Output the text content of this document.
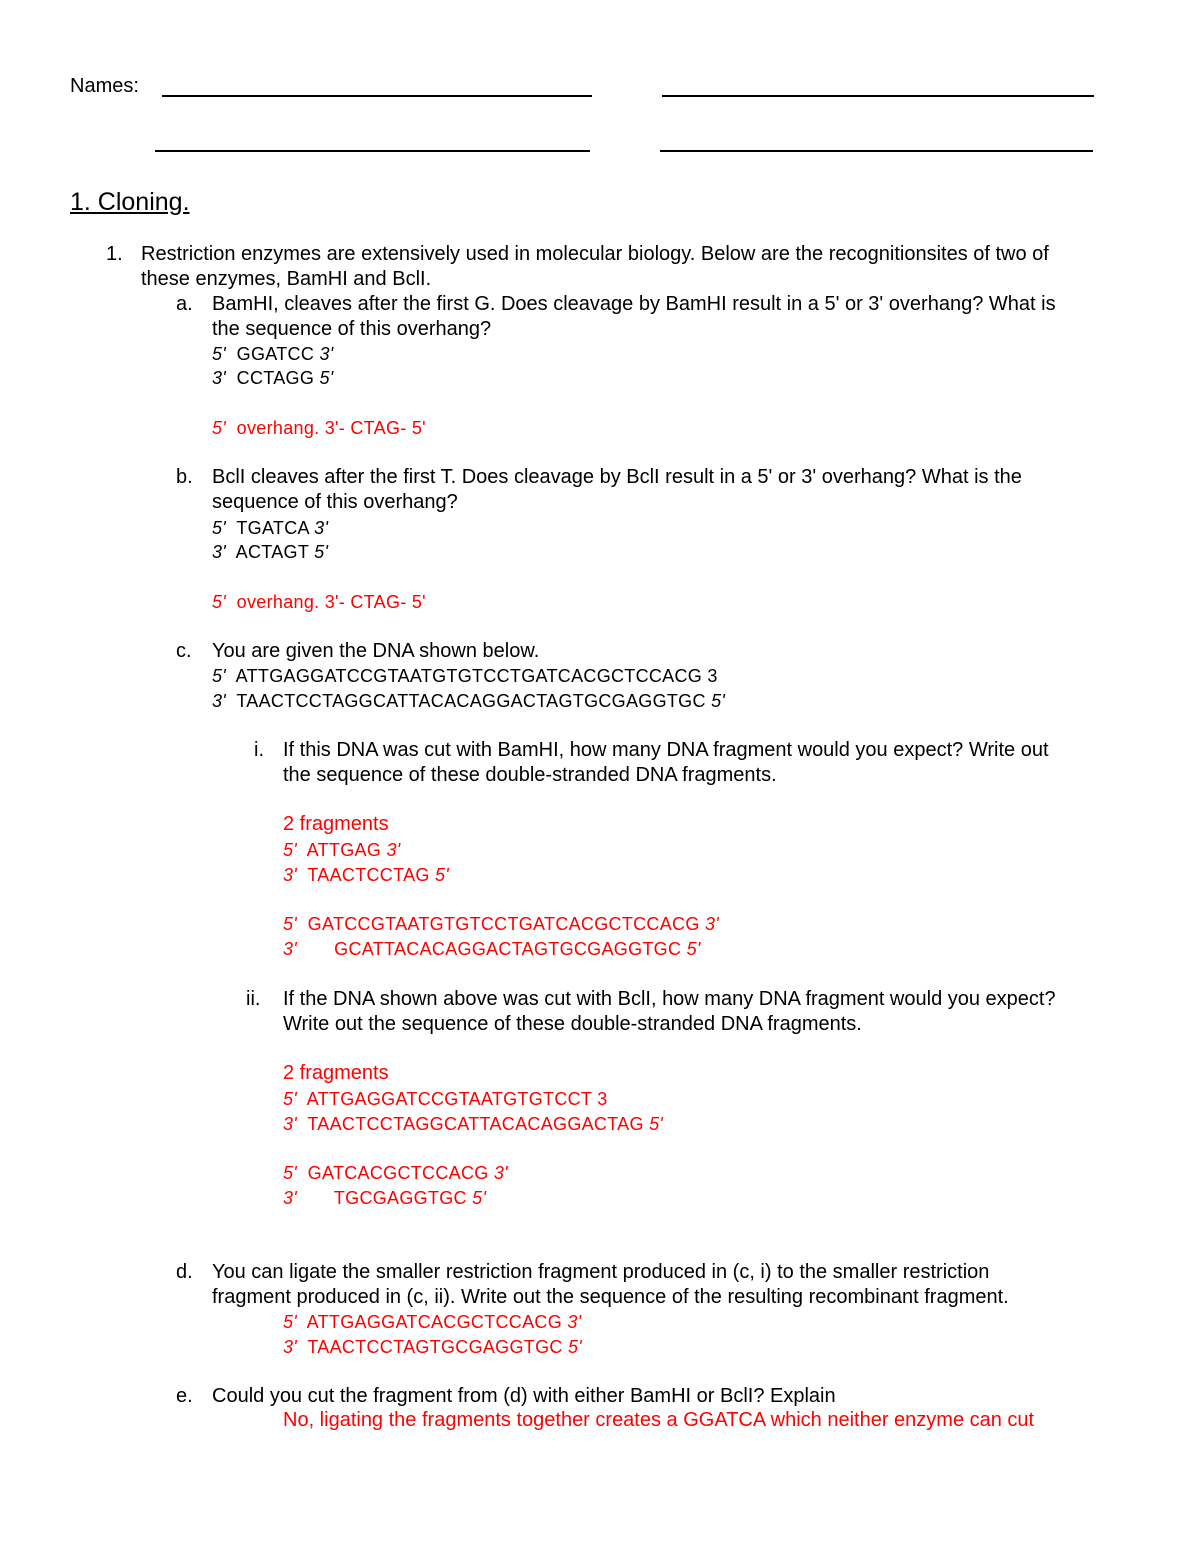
Names:
1. Cloning.
1. Restriction enzymes are extensively used in molecular biology. Below are the recognitionsites of two of
these enzymes, BamHI and BclI.
a. BamHI, cleaves after the first G. Does cleavage by BamHI result in a 5' or 3' overhang? What is
the sequence of this overhang?
5' GGATCC 3'
3' CCTAGG 5'
5' overhang. 3'- CTAG- 5'
b. BclI cleaves after the first T. Does cleavage by BclI result in a 5' or 3' overhang? What is the
sequence of this overhang?
5' TGATCA 3'
3' ACTAGT 5'
5' overhang. 3'- CTAG- 5'
c. You are given the DNA shown below.
5' ATTGAGGATCCGTAATGTGTCCTGATCACGCTCCACG 3
3' TAACTCCTAGGCATTACACAGGACTAGTGCGAGGTGC 5'
i. If this DNA was cut with BamHI, how many DNA fragment would you expect? Write out
the sequence of these double-stranded DNA fragments.
2 fragments
5' ATTGAG 3'
3' TAACTCCTAG 5'
5' GATCCGTAATGTGTCCTGATCACGCTCCACG 3'
3' GCATTACACAGGACTAGTGCGAGGTGC 5'
ii. If the DNA shown above was cut with BclI, how many DNA fragment would you expect?
Write out the sequence of these double-stranded DNA fragments.
2 fragments
5' ATTGAGGATCCGTAATGTGTCCT 3
3' TAACTCCTAGGCATTACACAGGACTAG 5'
5' GATCACGCTCCACG 3'
3' TGCGAGGTGC 5'
d. You can ligate the smaller restriction fragment produced in (c, i) to the smaller restriction
fragment produced in (c, ii). Write out the sequence of the resulting recombinant fragment.
5' ATTGAGGATCACGCTCCACG 3'
3' TAACTCCTAGTGCGAGGTGC 5'
e. Could you cut the fragment from (d) with either BamHI or BclI? Explain
No, ligating the fragments together creates a GGATCA which neither enzyme can cut
